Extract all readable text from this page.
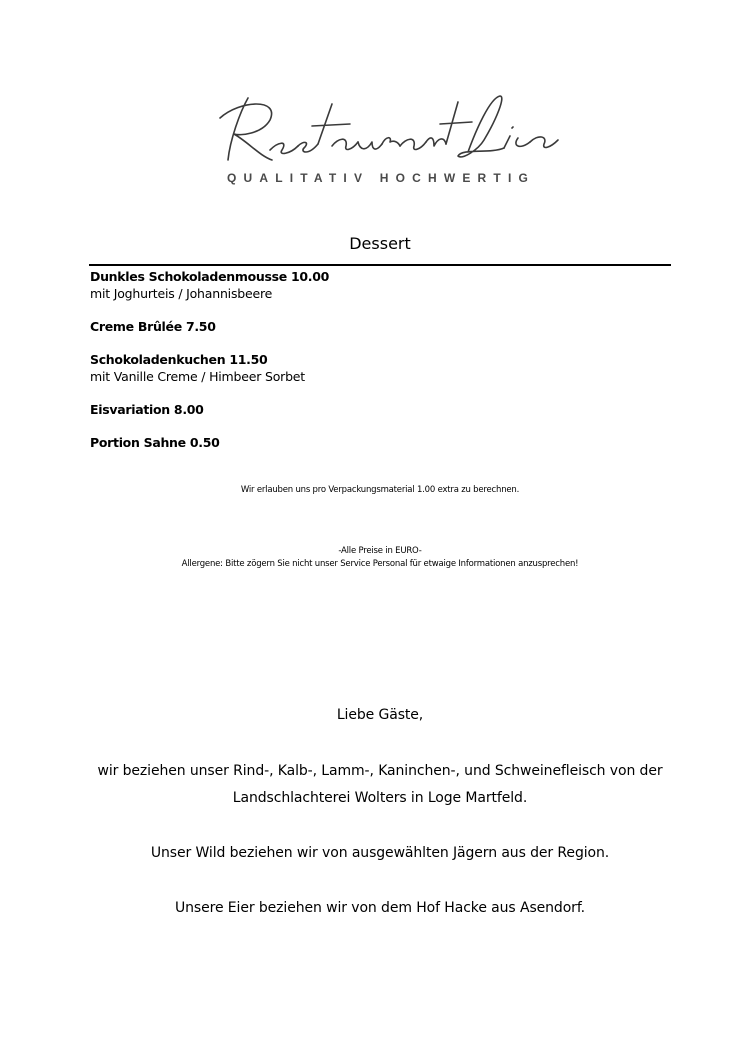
QUALITATIV HOCHWERTIG
Dessert
Dunkles Schokoladenmousse 10.00
mit Joghurteis / Johannisbeere
Creme Brûlée 7.50
Schokoladenkuchen 11.50
mit Vanille Creme / Himbeer Sorbet
Eisvariation 8.00
Portion Sahne 0.50
Wir erlauben uns pro Verpackungsmaterial 1.00 extra zu berechnen.
-Alle Preise in EURO-
Allergene: Bitte zögern Sie nicht unser Service Personal für etwaige Informationen anzusprechen!
Liebe Gäste,
wir beziehen unser Rind-, Kalb-, Lamm-, Kaninchen-, und Schweinefleisch von der
Landschlachterei Wolters in Loge Martfeld.
Unser Wild beziehen wir von ausgewählten Jägern aus der Region.
Unsere Eier beziehen wir von dem Hof Hacke aus Asendorf.
